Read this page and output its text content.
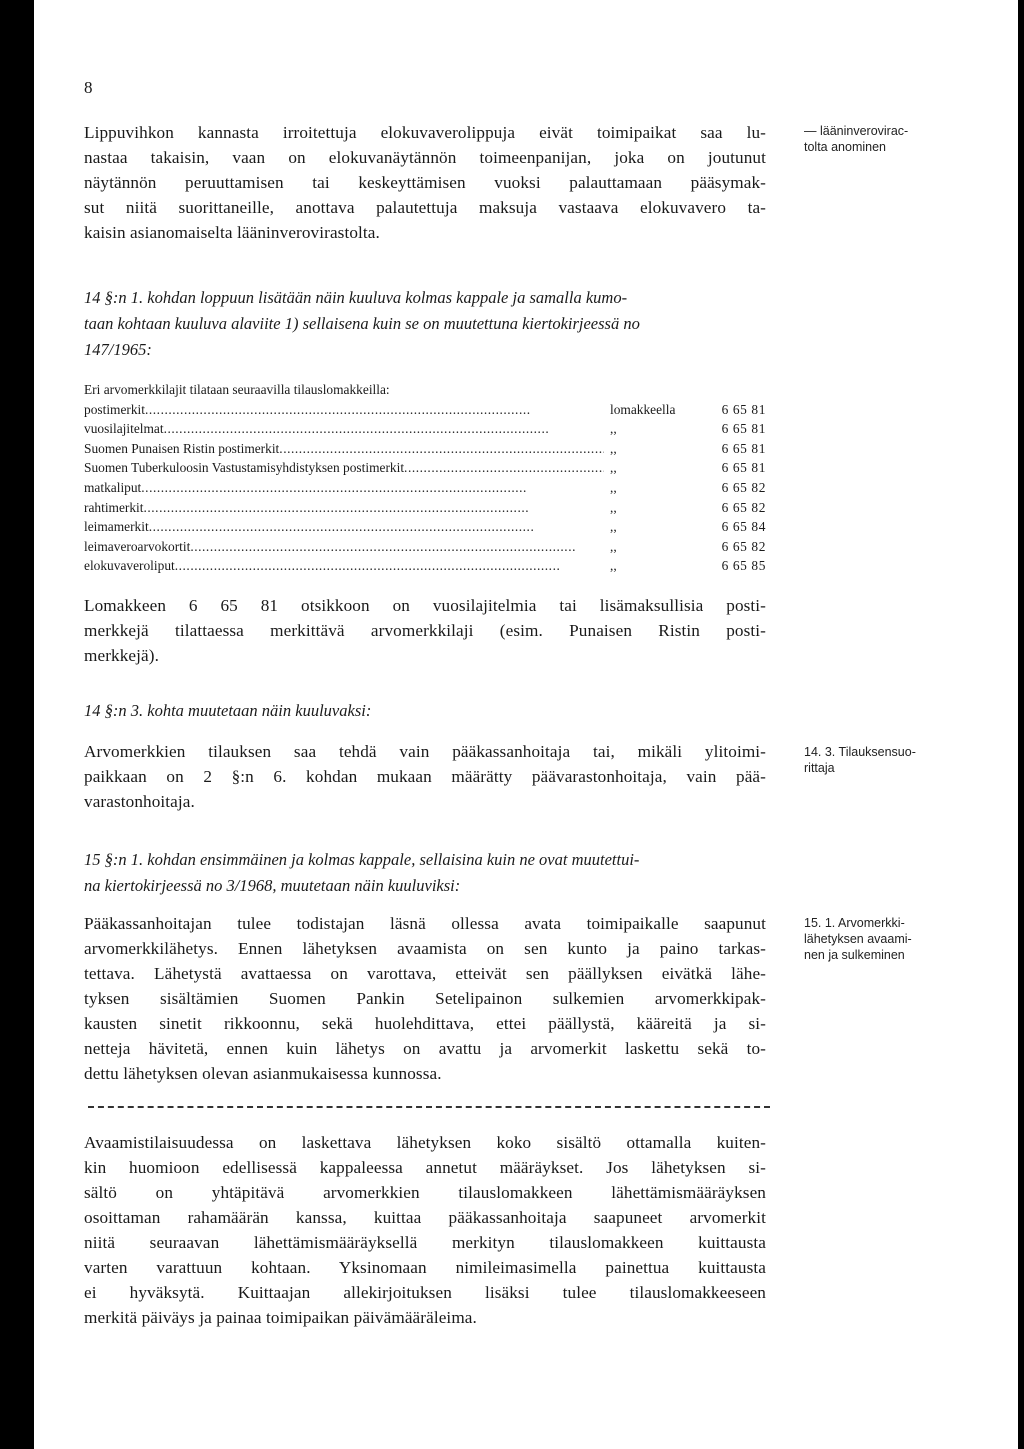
8
Lippuvihkon kannasta irroitettuja elokuvaverolippuja eivät toimipaikat saa lu-
nastaa takaisin, vaan on elokuvanäytännön toimeenpanijan, joka on joutunut
näytännön peruuttamisen tai keskeyttämisen vuoksi palauttamaan pääsymak-
sut niitä suorittaneille, anottava palautettuja maksuja vastaava elokuvavero ta-
kaisin asianomaiselta lääninverovirastolta.
— lääninverovirас-
tolta anominen
14 §:n 1. kohdan loppuun lisätään näin kuuluva kolmas kappale ja samalla kumo-
taan kohtaan kuuluva alaviite 1) sellaisena kuin se on muutettuna kiertokirjeessä no
147/1965:
Eri arvomerkkilajit tilataan seuraavilla tilauslomakkeilla:
postimerkit . . .	lomakkeella	6 65 81
vuosilajitelmat . . .	,,	6 65 81
Suomen Punaisen Ristin postimerkit . . .	,,	6 65 81
Suomen Tuberkuloosin Vastustamisyhdistyksen postimerkit . . .	,,	6 65 81
matkaliput . . .	,,	6 65 82
rahtimerkit . . .	,,	6 65 82
leimamerkit . . .	,,	6 65 84
leimaveroarvokortit . . .	,,	6 65 82
elokuvaveroliput . . .	,,	6 65 85
Lomakkeen 6 65 81 otsikkoon on vuosilajitelmia tai lisämaksullisia posti-
merkkejä tilattaessa merkittävä arvomerkkilaji (esim. Punaisen Ristin posti-
merkkejä).
14 §:n 3. kohta muutetaan näin kuuluvaksi:
Arvomerkkien tilauksen saa tehdä vain pääkassanhoitaja tai, mikäli ylitoimi-
paikkaan on 2 §:n 6. kohdan mukaan määrätty päävarastonhoitaja, vain pää-
varastonhoitaja.
14. 3. Tilauksensuo-
rittaja
15 §:n 1. kohdan ensimmäinen ja kolmas kappale, sellaisina kuin ne ovat muutettui-
na kiertokirjeessä no 3/1968, muutetaan näin kuuluviksi:
Pääkassanhoitajan tulee todistajan läsnä ollessa avata toimipaikalle saapunut
arvomerkkilähetys. Ennen lähetyksen avaamista on sen kunto ja paino tarkas-
tettava. Lähetystä avattaessa on varottava, etteivät sen päällyksen eivätkä lähe-
tyksen sisältämien Suomen Pankin Setelipainon sulkemien arvomerkkipak-
kausten sinetit rikkoonnu, sekä huolehdittava, ettei päällystä, kääreitä ja si-
netteja hävitetä, ennen kuin lähetys on avattu ja arvomerkit laskettu sekä to-
dettu lähetyksen olevan asianmukaisessa kunnossa.
15. 1. Arvomerkki-
lähetyksen avaami-
nen ja sulkeminen
Avaamistilaisuudessa on laskettava lähetyksen koko sisältö ottamalla kuiten-
kin huomioon edellisessä kappaleessa annetut määräykset. Jos lähetyksen si-
sältö on yhtäpitävä arvomerkkien tilauslomakkeen lähettämismääräyksen
osoittaman rahamäärän kanssa, kuittaa pääkassanhoitaja saapuneet arvomerkit
niitä seuraavan lähettämismääräyksellä merkityn tilauslomakkeen kuittausta
varten varattuun kohtaan. Yksinomaan nimileimasimella painettua kuittausta
ei hyväksytä. Kuittaajan allekirjoituksen lisäksi tulee tilauslomakkeeseen
merkitä päiväys ja painaa toimipaikan päivämääräleima.
